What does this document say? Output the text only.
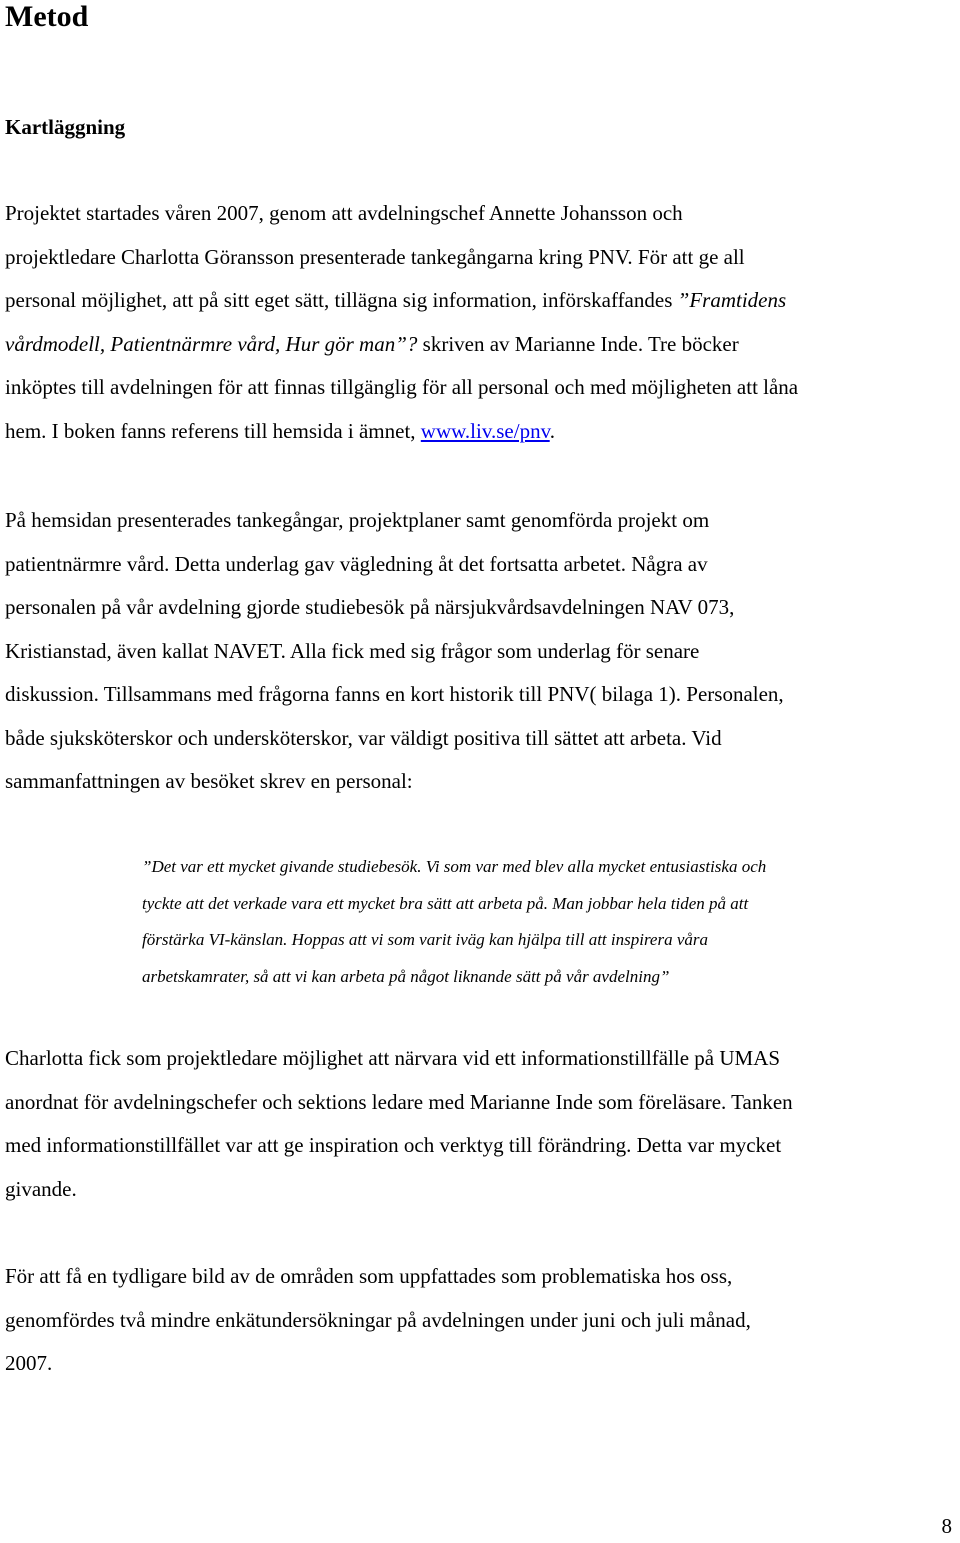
Metod
Kartläggning

Projektet startades våren 2007, genom att avdelningschef Annette Johansson och
projektledare Charlotta Göransson presenterade tankegångarna kring PNV. För att ge all
personal möjlighet, att på sitt eget sätt, tillägna sig information, införskaffandes ”Framtidens
vårdmodell, Patientnärmre vård, Hur gör man”? skriven av Marianne Inde. Tre böcker
inköptes till avdelningen för att finnas tillgänglig för all personal och med möjligheten att låna
hem. I boken fanns referens till hemsida i ämnet, www.liv.se/pnv.

På hemsidan presenterades tankegångar, projektplaner samt genomförda projekt om
patientnärmre vård. Detta underlag gav vägledning åt det fortsatta arbetet. Några av
personalen på vår avdelning gjorde studiebesök på närsjukvårdsavdelningen NAV 073,
Kristianstad, även kallat NAVET. Alla fick med sig frågor som underlag för senare
diskussion. Tillsammans med frågorna fanns en kort historik till PNV( bilaga 1). Personalen,
både sjuksköterskor och undersköterskor, var väldigt positiva till sättet att arbeta. Vid
sammanfattningen av besöket skrev en personal:

”Det var ett mycket givande studiebesök. Vi som var med blev alla mycket entusiastiska och
tyckte att det verkade vara ett mycket bra sätt att arbeta på. Man jobbar hela tiden på att
förstärka VI-känslan. Hoppas att vi som varit iväg kan hjälpa till att inspirera våra
arbetskamrater, så att vi kan arbeta på något liknande sätt på vår avdelning”

Charlotta fick som projektledare möjlighet att närvara vid ett informationstillfälle på UMAS
anordnat för avdelningschefer och sektions ledare med Marianne Inde som föreläsare. Tanken
med informationstillfället var att ge inspiration och verktyg till förändring. Detta var mycket
givande.

För att få en tydligare bild av de områden som uppfattades som problematiska hos oss,
genomfördes två mindre enkätundersökningar på avdelningen under juni och juli månad,
2007.

8
